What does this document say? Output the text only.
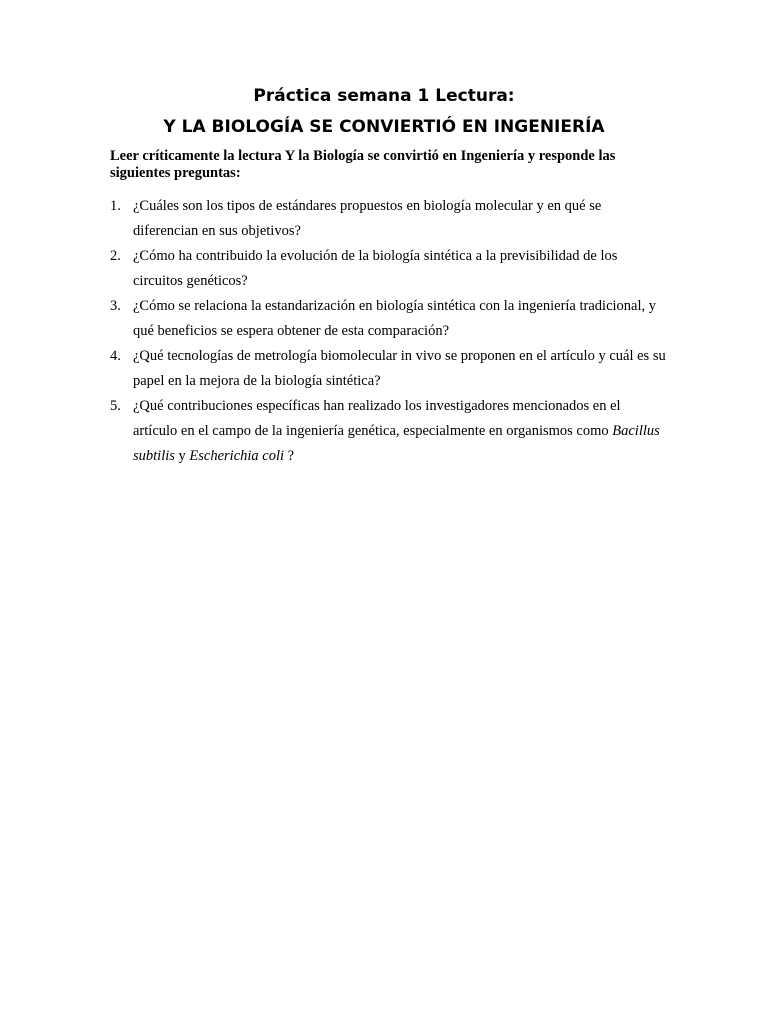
Práctica semana 1 Lectura:
Y LA BIOLOGÍA SE CONVIERTIÓ EN INGENIERÍA

Leer críticamente la lectura Y la Biología se convirtió en Ingeniería y responde las siguientes preguntas:

1. ¿Cuáles son los tipos de estándares propuestos en biología molecular y en qué se diferencian en sus objetivos?
2. ¿Cómo ha contribuido la evolución de la biología sintética a la previsibilidad de los circuitos genéticos?
3. ¿Cómo se relaciona la estandarización en biología sintética con la ingeniería tradicional, y qué beneficios se espera obtener de esta comparación?
4. ¿Qué tecnologías de metrología biomolecular in vivo se proponen en el artículo y cuál es su papel en la mejora de la biología sintética?
5. ¿Qué contribuciones específicas han realizado los investigadores mencionados en el artículo en el campo de la ingeniería genética, especialmente en organismos como Bacillus subtilis y Escherichia coli ?
